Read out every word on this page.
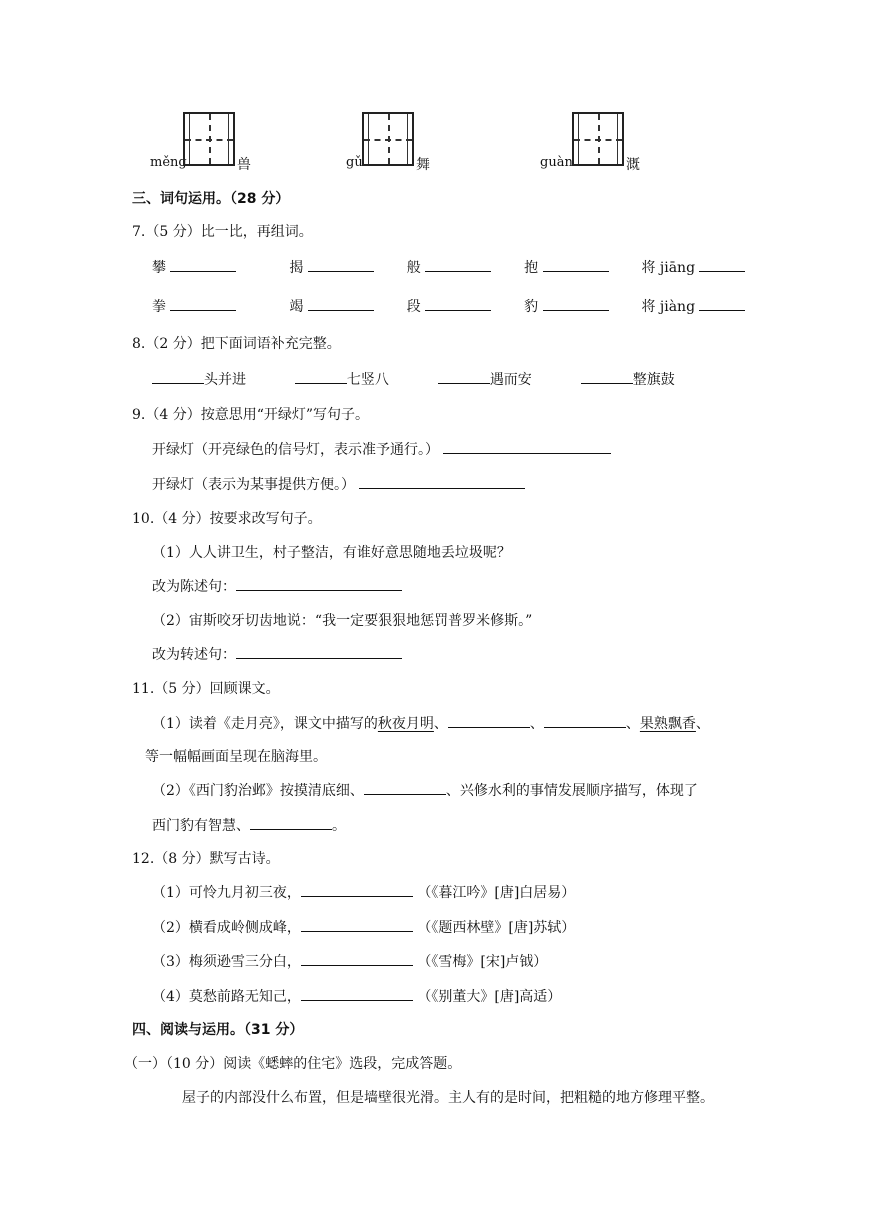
měng	兽	gǔ	舞	guàn	溉
三、词句运用。（28 分）
7.（5 分）比一比，再组词。
攀	揭	般	抱	将 jiāng
拳	竭	段	豹	将 jiàng
8.（2 分）把下面词语补充完整。
头并进	七竖八	遇而安	整旗鼓
9.（4 分）按意思用“开绿灯”写句子。
开绿灯（开亮绿色的信号灯，表示准予通行。）
开绿灯（表示为某事提供方便。）
10.（4 分）按要求改写句子。
（1）人人讲卫生，村子整洁，有谁好意思随地丢垃圾呢？
改为陈述句：
（2）宙斯咬牙切齿地说：“我一定要狠狠地惩罚普罗米修斯。”
改为转述句：
11.（5 分）回顾课文。
（1）读着《走月亮》，课文中描写的秋夜月明、	、	、果熟飘香、
等一幅幅画面呈现在脑海里。
（2）《西门豹治邺》按摸清底细、	、兴修水利的事情发展顺序描写，体现了
西门豹有智慧、	。
12.（8 分）默写古诗。
（1）可怜九月初三夜，	（《暮江吟》[唐]白居易）
（2）横看成岭侧成峰，	（《题西林壁》[唐]苏轼）
（3）梅须逊雪三分白，	（《雪梅》[宋]卢钺）
（4）莫愁前路无知己，	（《别董大》[唐]高适）
四、阅读与运用。（31 分）
（一）（10 分）阅读《蟋蟀的住宅》选段，完成答题。
屋子的内部没什么布置，但是墙壁很光滑。主人有的是时间，把粗糙的地方修理平整。
